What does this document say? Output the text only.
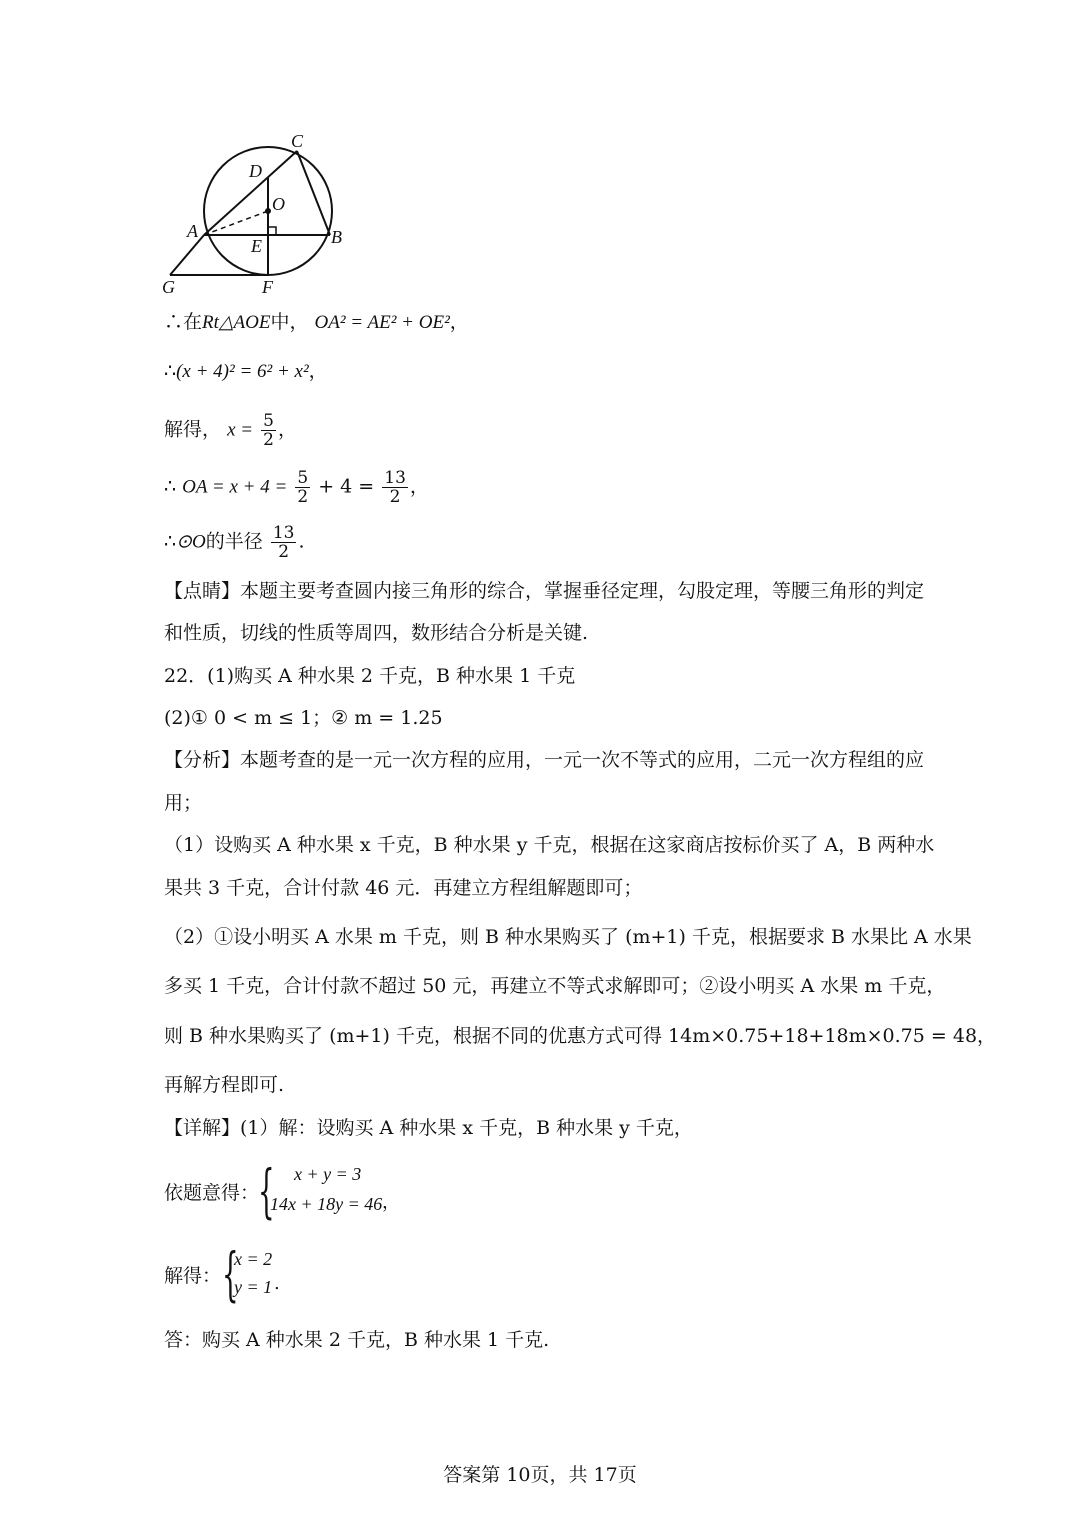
C
D
O
A
E	B
G	F
∴在Rt△AOE中， OA² = AE² + OE²，
∴(x + 4)² = 6² + x²，
解得， $x = \frac{5}{2}$ ，
∴ OA = $x + 4 = \frac{5}{2} + 4 = \frac{13}{2}$ ，
∴⊙O的半径 $\frac{13}{2}$ .
【点睛】本题主要考查圆内接三角形的综合，掌握垂径定理，勾股定理，等腰三角形的判定
和性质，切线的性质等周四，数形结合分析是关键.
22．(1)购买 A 种水果 2 千克，B 种水果 1 千克
(2)① 0 < m ≤ 1；② m = 1.25
【分析】本题考查的是一元一次方程的应用，一元一次不等式的应用，二元一次方程组的应
用；
（1）设购买 A 种水果 x 千克，B 种水果 y 千克，根据在这家商店按标价买了 A，B 两种水
果共 3 千克，合计付款 46 元．再建立方程组解题即可；
（2）①设小明买 A 水果 m 千克，则 B 种水果购买了 (m+1) 千克，根据要求 B 水果比 A 水果
多买 1 千克，合计付款不超过 50 元，再建立不等式求解即可；②设小明买 A 水果 m 千克，
则 B 种水果购买了 (m+1) 千克，根据不同的优惠方式可得 14m×0.75+18+18m×0.75 = 48，
再解方程即可.
【详解】(1）解：设购买 A 种水果 x 千克，B 种水果 y 千克，
依题意得：
{ x + y = 3
14x + 18y = 46 ，
解得： {
x = 2
y = 1 .
答：购买 A 种水果 2 千克，B 种水果 1 千克.
答案第 10页，共 17页
